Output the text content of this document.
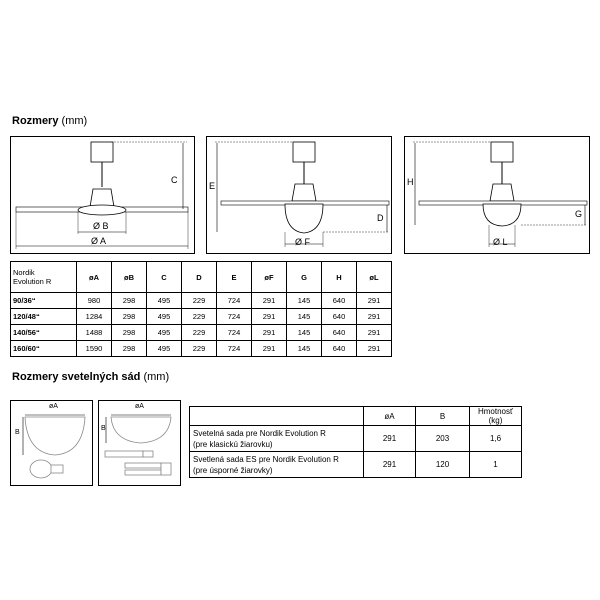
Rozmery (mm)
C
Ø B
Ø A
E
D
Ø F
H
G
Ø L
Nordik
Evolution R	øA	øB	C	D	E	øF	G	H	øL
90/36“	980	298	495	229	724	291	145	640	291
120/48“	1284	298	495	229	724	291	145	640	291
140/56“	1488	298	495	229	724	291	145	640	291
160/60“	1590	298	495	229	724	291	145	640	291
Rozmery svetelných sád (mm)
øA
B
øA
B
	øA	B	Hmotnosť (kg)
Svetelná sada pre Nordik Evolution R
(pre klasickú žiarovku)	291	203	1,6
Svetlená sada ES pre Nordik Evolution R
(pre úsporné žiarovky)	291	120	1
